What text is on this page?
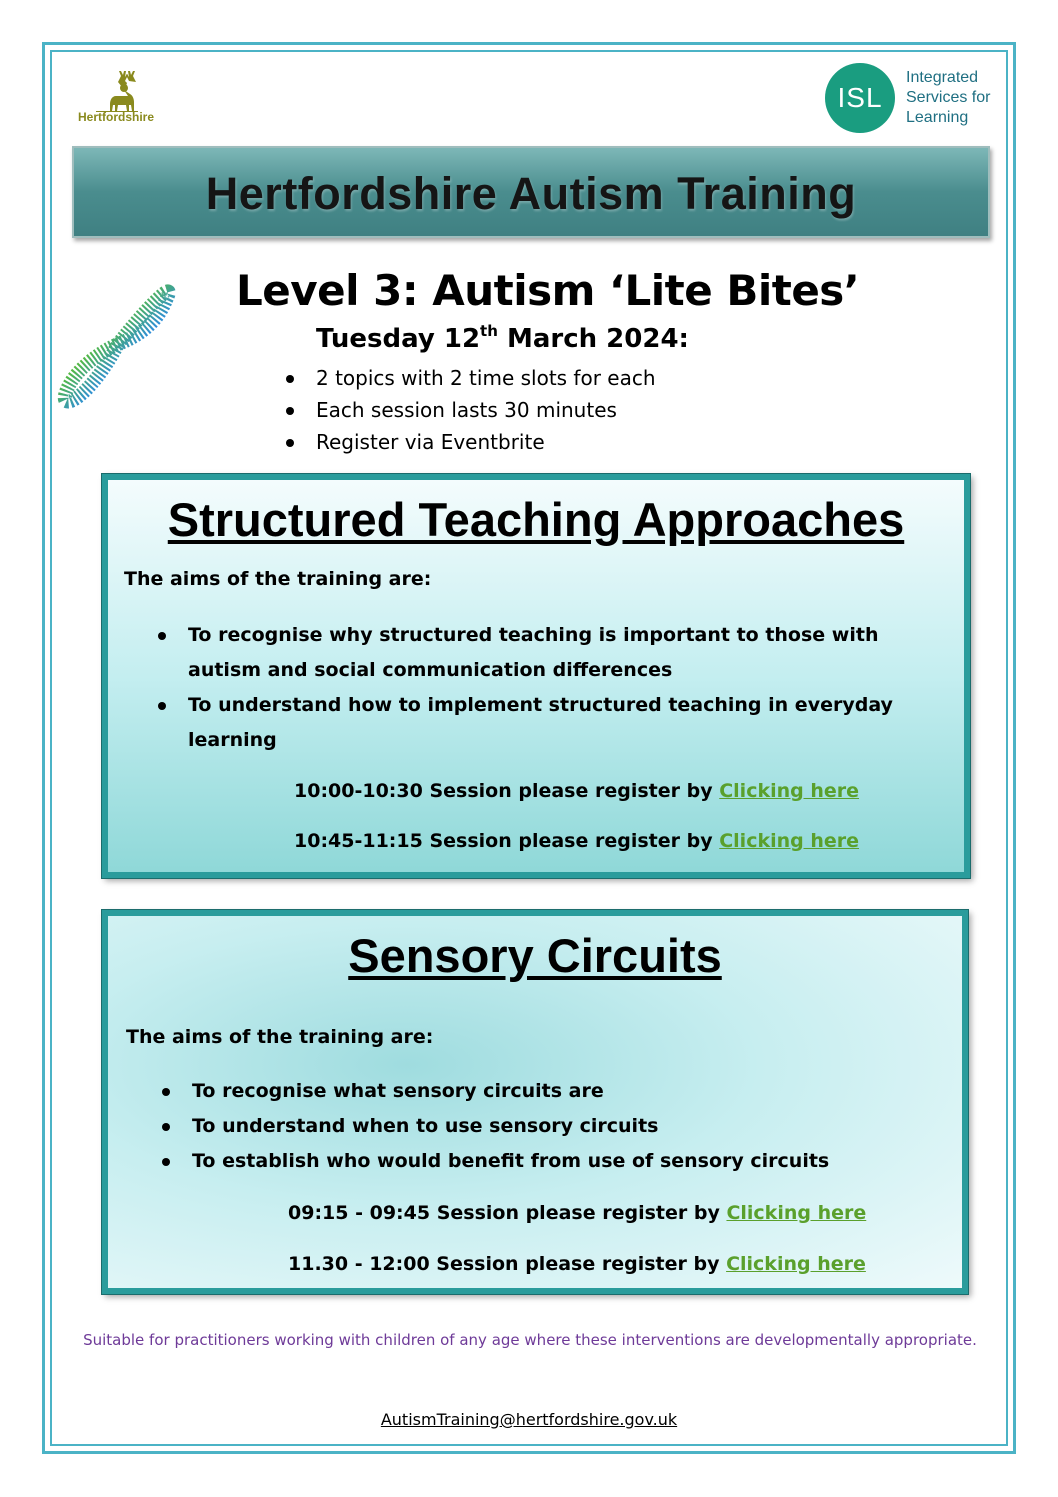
Hertfordshire
ISL
Integrated
Services for
Learning
Hertfordshire Autism Training
Level 3: Autism ‘Lite Bites’
Tuesday 12th March 2024:
2 topics with 2 time slots for each
Each session lasts 30 minutes
Register via Eventbrite
Structured Teaching Approaches
The aims of the training are:
To recognise why structured teaching is important to those with autism and social communication differences
To understand how to implement structured teaching in everyday learning
10:00-10:30 Session please register by Clicking here
10:45-11:15 Session please register by Clicking here
Sensory Circuits
The aims of the training are:
To recognise what sensory circuits are
To understand when to use sensory circuits
To establish who would benefit from use of sensory circuits
09:15 - 09:45 Session please register by Clicking here
11.30 - 12:00 Session please register by Clicking here
Suitable for practitioners working with children of any age where these interventions are developmentally appropriate.
AutismTraining@hertfordshire.gov.uk
